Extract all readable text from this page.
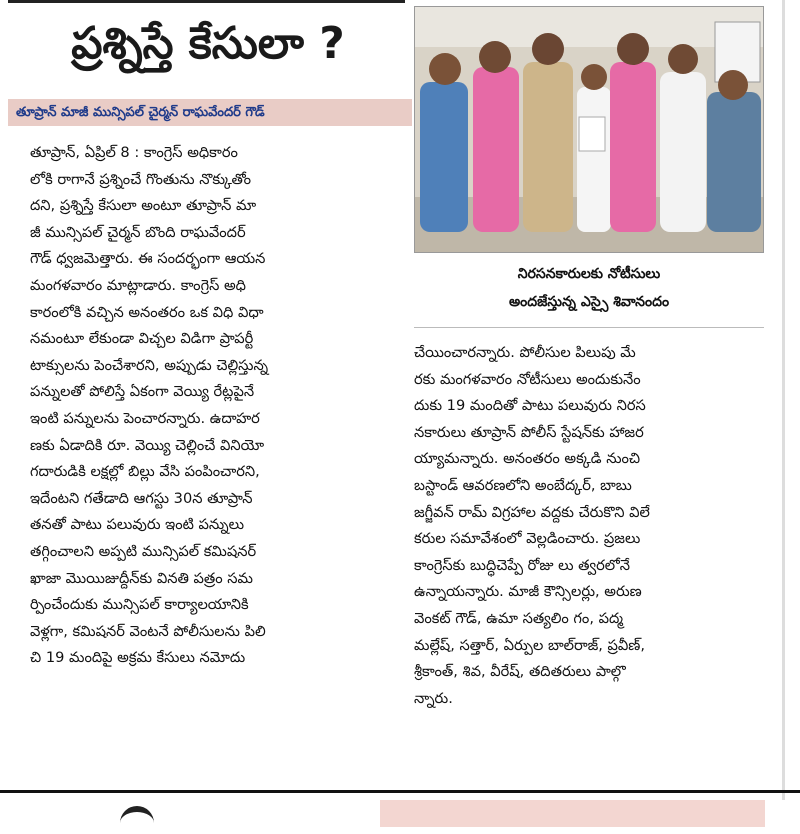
ప్రశ్నిస్తే కేసులా ?
తూప్రాన్ మాజీ మున్సిపల్ చైర్మన్ రాఘవేందర్ గౌడ్
తూప్రాన్, ఏప్రిల్ 8 : కాంగ్రెస్ అధికారం
లోకి రాగానే ప్రశ్నించే గొంతును నొక్కుతోం
దని, ప్రశ్నిస్తే కేసులా అంటూ తూప్రాన్ మా
జీ మున్సిపల్ చైర్మన్ బొంది రాఘవేందర్
గౌడ్ ధ్వజమెత్తారు. ఈ సందర్భంగా ఆయన
మంగళవారం మాట్లాడారు. కాంగ్రెస్ అధి
కారంలోకి వచ్చిన అనంతరం ఒక విధి విధా
నమంటూ లేకుండా విచ్చల విడిగా ప్రాపర్టీ
టాక్సులను పెంచేశారని, అప్పుడు చెల్లిస్తున్న
పన్నులతో పోలిస్తే ఏకంగా వెయ్యి రేట్లపైనే
ఇంటి పన్నులను పెంచారన్నారు. ఉదాహర
ణకు ఏడాదికి రూ. వెయ్యి చెల్లించే వినియో
గదారుడికి లక్షల్లో బిల్లు వేసి పంపించారని,
ఇదేంటని గతేడాది ఆగస్టు 30న తూప్రాన్
తనతో పాటు పలువురు ఇంటి పన్నులు
తగ్గించాలని అప్పటి మున్సిపల్ కమిషనర్
ఖాజా మొయిజుద్దీన్‌కు వినతి పత్రం సమ
ర్పించేందుకు మున్సిపల్ కార్యాలయానికి
వెళ్లగా, కమిషనర్ వెంటనే పోలీసులను పిలి
చి 19 మందిపై అక్రమ కేసులు నమోదు
నిరసనకారులకు నోటీసులు
అందజేస్తున్న ఎస్సై శివానందం
చేయించారన్నారు. పోలీసుల పిలుపు మే
రకు మంగళవారం నోటీసులు అందుకునేం
దుకు 19 మందితో పాటు పలువురు నిరస
నకారులు తూప్రాన్ పోలీస్ స్టేషన్‌కు హాజర
య్యామన్నారు. అనంతరం అక్కడి నుంచి
బస్టాండ్ ఆవరణలోని అంబేద్కర్, బాబు
జగ్జీవన్ రామ్ విగ్రహాల వద్దకు చేరుకొని విలే
కరుల సమావేశంలో వెల్లడించారు. ప్రజలు
కాంగ్రెస్‌కు బుద్ధిచెప్పే రోజు లు త్వరలోనే
ఉన్నాయన్నారు. మాజీ కౌన్సిలర్లు, అరుణ
వెంకట్ గౌడ్, ఉమా సత్యలిం గం, పద్మ
మల్లేష్, సత్తార్, ఏర్పుల బాల్‌రాజ్, ప్రవీణ్,
శ్రీకాంత్, శివ, వీరేష్, తదితరులు పాల్గొ
న్నారు.
